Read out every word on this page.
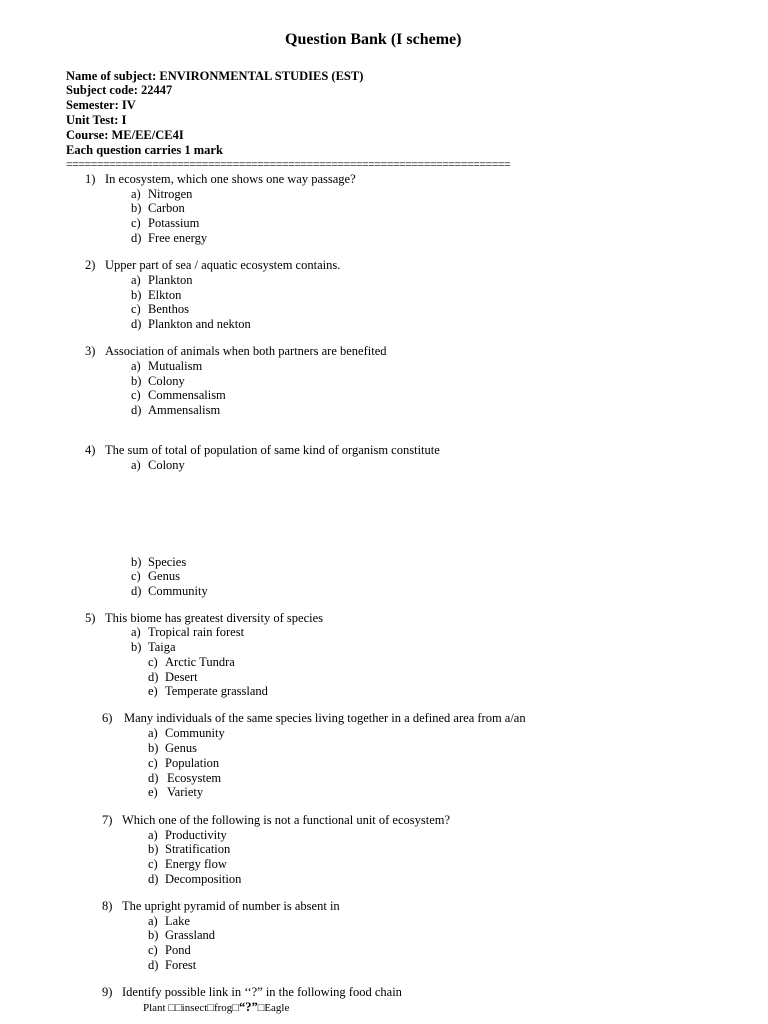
Question Bank (I scheme)
Name of subject: ENVIRONMENTAL STUDIES (EST)
Subject code: 22447
Semester: IV
Unit Test: I
Course: ME/EE/CE4I
Each question carries 1 mark
========================================================================
1) In ecosystem, which one shows one way passage?
a) Nitrogen
b) Carbon
c) Potassium
d) Free energy
2) Upper part of sea / aquatic ecosystem contains.
a) Plankton
b) Elkton
c) Benthos
d) Plankton and nekton
3) Association of animals when both partners are benefited
a) Mutualism
b) Colony
c) Commensalism
d) Ammensalism
4) The sum of total of population of same kind of organism constitute
a) Colony
b) Species
c) Genus
d) Community
5) This biome has greatest diversity of species
a) Tropical rain forest
b) Taiga
c) Arctic Tundra
d) Desert
e) Temperate grassland
6) Many individuals of the same species living together in a defined area from a/an
a) Community
b) Genus
c) Population
d) Ecosystem
e) Variety
7) Which one of the following is not a functional unit of ecosystem?
a) Productivity
b) Stratification
c) Energy flow
d) Decomposition
8) The upright pyramid of number is absent in
a) Lake
b) Grassland
c) Pond
d) Forest
9) Identify possible link in ‘‘?” in the following food chain
Plant □□insect□frog□“?”□Eagle
